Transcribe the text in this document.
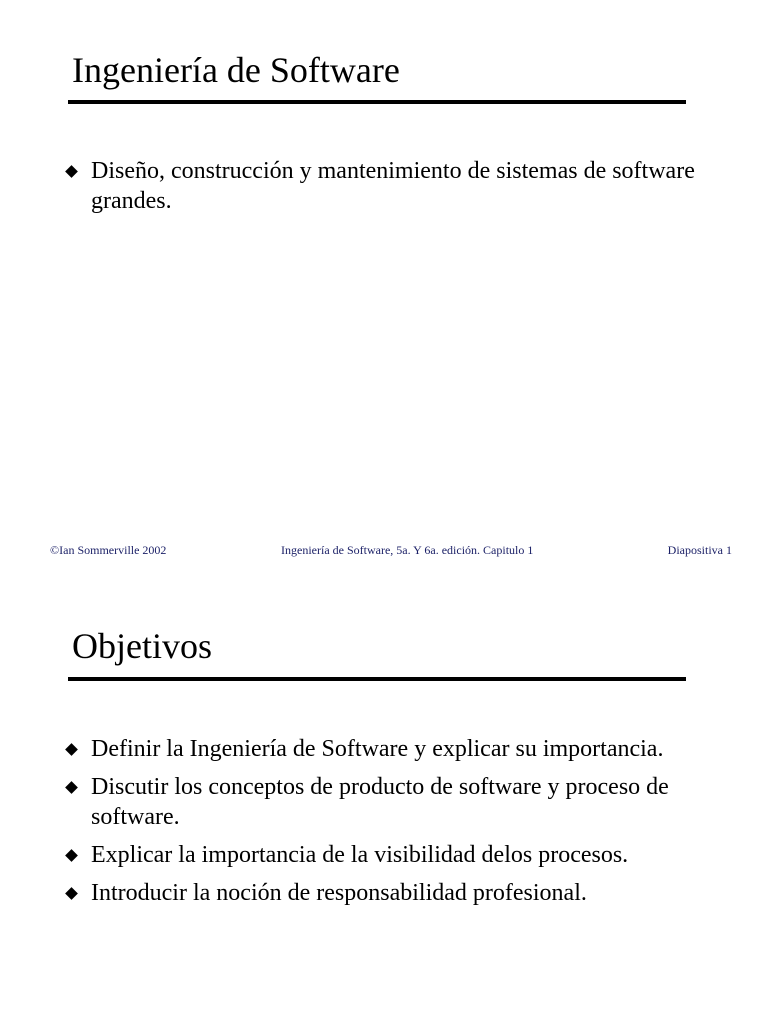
Ingeniería de Software
Diseño, construcción y mantenimiento de sistemas de software grandes.
©Ian Sommerville 2002	Ingeniería de Software, 5a. Y 6a. edición. Capitulo 1	Diapositiva 1
Objetivos
Definir la Ingeniería de Software y explicar su importancia.
Discutir los conceptos de producto de software y proceso de software.
Explicar la importancia de la visibilidad delos procesos.
Introducir la noción de responsabilidad profesional.
